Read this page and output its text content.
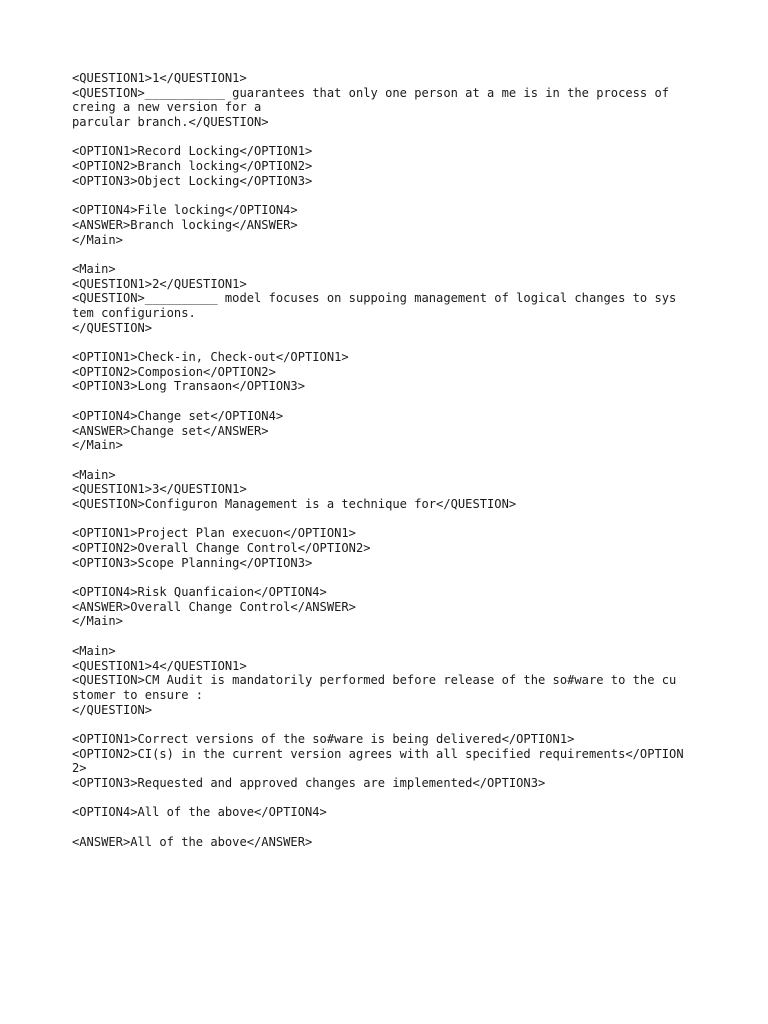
<QUESTION1>1</QUESTION1>
<QUESTION>___________ guarantees that only one person at a me is in the process of
creing a new version for a
parcular branch.</QUESTION>
<OPTION1>Record Locking</OPTION1>
<OPTION2>Branch locking</OPTION2>
<OPTION3>Object Locking</OPTION3>
<OPTION4>File locking</OPTION4>
<ANSWER>Branch locking</ANSWER>
</Main>
<Main>
<QUESTION1>2</QUESTION1>
<QUESTION>__________ model focuses on suppoing management of logical changes to sys
tem configurions.
</QUESTION>
<OPTION1>Check-in, Check-out</OPTION1>
<OPTION2>Composion</OPTION2>
<OPTION3>Long Transaon</OPTION3>
<OPTION4>Change set</OPTION4>
<ANSWER>Change set</ANSWER>
</Main>
<Main>
<QUESTION1>3</QUESTION1>
<QUESTION>Configuron Management is a technique for</QUESTION>
<OPTION1>Project Plan execuon</OPTION1>
<OPTION2>Overall Change Control</OPTION2>
<OPTION3>Scope Planning</OPTION3>
<OPTION4>Risk Quanficaion</OPTION4>
<ANSWER>Overall Change Control</ANSWER>
</Main>
<Main>
<QUESTION1>4</QUESTION1>
<QUESTION>CM Audit is mandatorily performed before release of the so#ware to the cu
stomer to ensure :
</QUESTION>
<OPTION1>Correct versions of the so#ware is being delivered</OPTION1>
<OPTION2>CI(s) in the current version agrees with all specified requirements</OPTION
2>
<OPTION3>Requested and approved changes are implemented</OPTION3>
<OPTION4>All of the above</OPTION4>
<ANSWER>All of the above</ANSWER>
